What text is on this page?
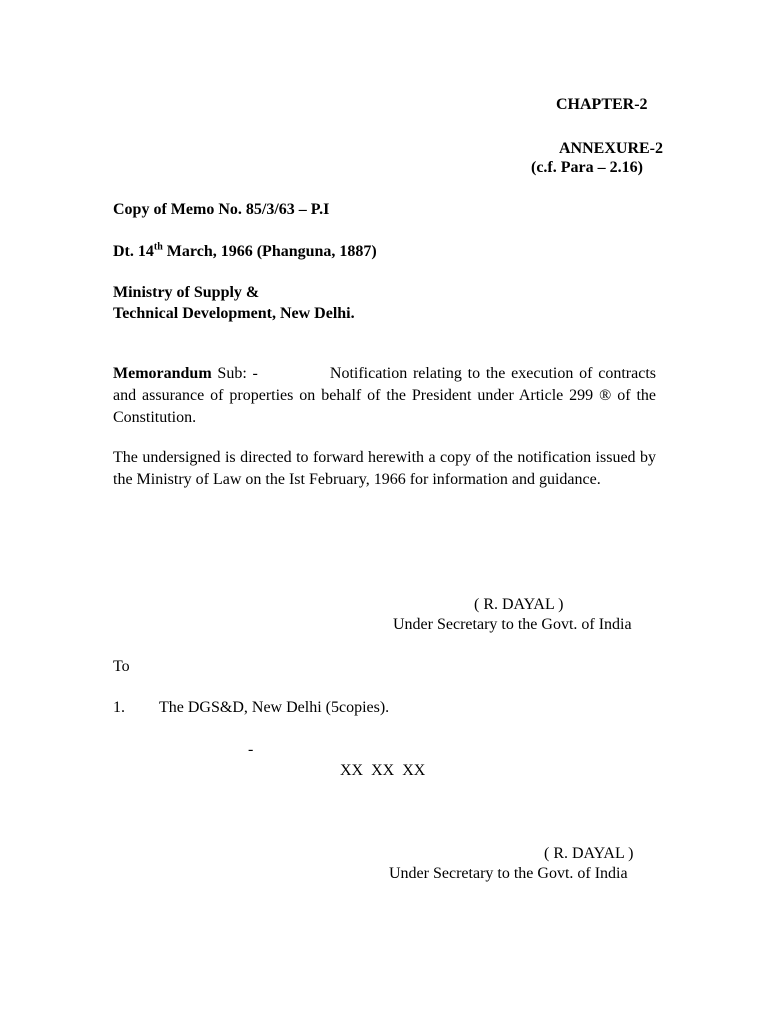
CHAPTER-2
ANNEXURE-2
(c.f. Para – 2.16)
Copy of Memo No. 85/3/63 – P.I
Dt. 14th March, 1966 (Phanguna, 1887)
Ministry of Supply &
Technical Development, New Delhi.
Memorandum Sub: -	Notification relating to the execution of contracts and assurance of properties on behalf of the President under Article 299 ® of the Constitution.
The undersigned is directed to forward herewith a copy of the notification issued by the Ministry of Law on the Ist February, 1966 for information and guidance.
( R. DAYAL )
Under Secretary to the Govt. of India
To
1. The DGS&D, New Delhi (5copies).
-
XX  XX  XX
( R. DAYAL )
Under Secretary to the Govt. of India
